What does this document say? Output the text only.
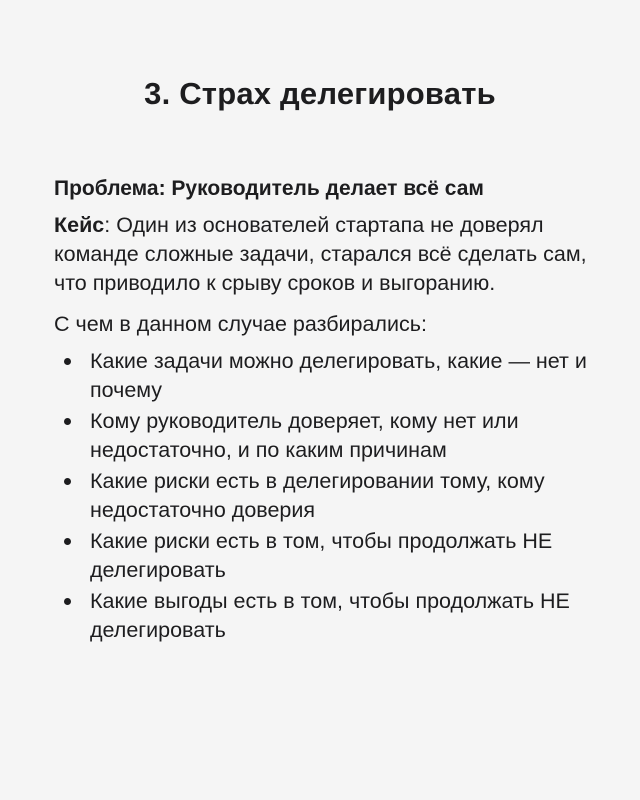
3. Страх делегировать

Проблема: Руководитель делает всё сам

Кейс: Один из основателей стартапа не доверял команде сложные задачи, старался всё сделать сам, что приводило к срыву сроков и выгоранию.

С чем в данном случае разбирались:

Какие задачи можно делегировать, какие — нет и почему
Кому руководитель доверяет, кому нет или недостаточно, и по каким причинам
Какие риски есть в делегировании тому, кому недостаточно доверия
Какие риски есть в том, чтобы продолжать НЕ делегировать
Какие выгоды есть в том, чтобы продолжать НЕ делегировать
